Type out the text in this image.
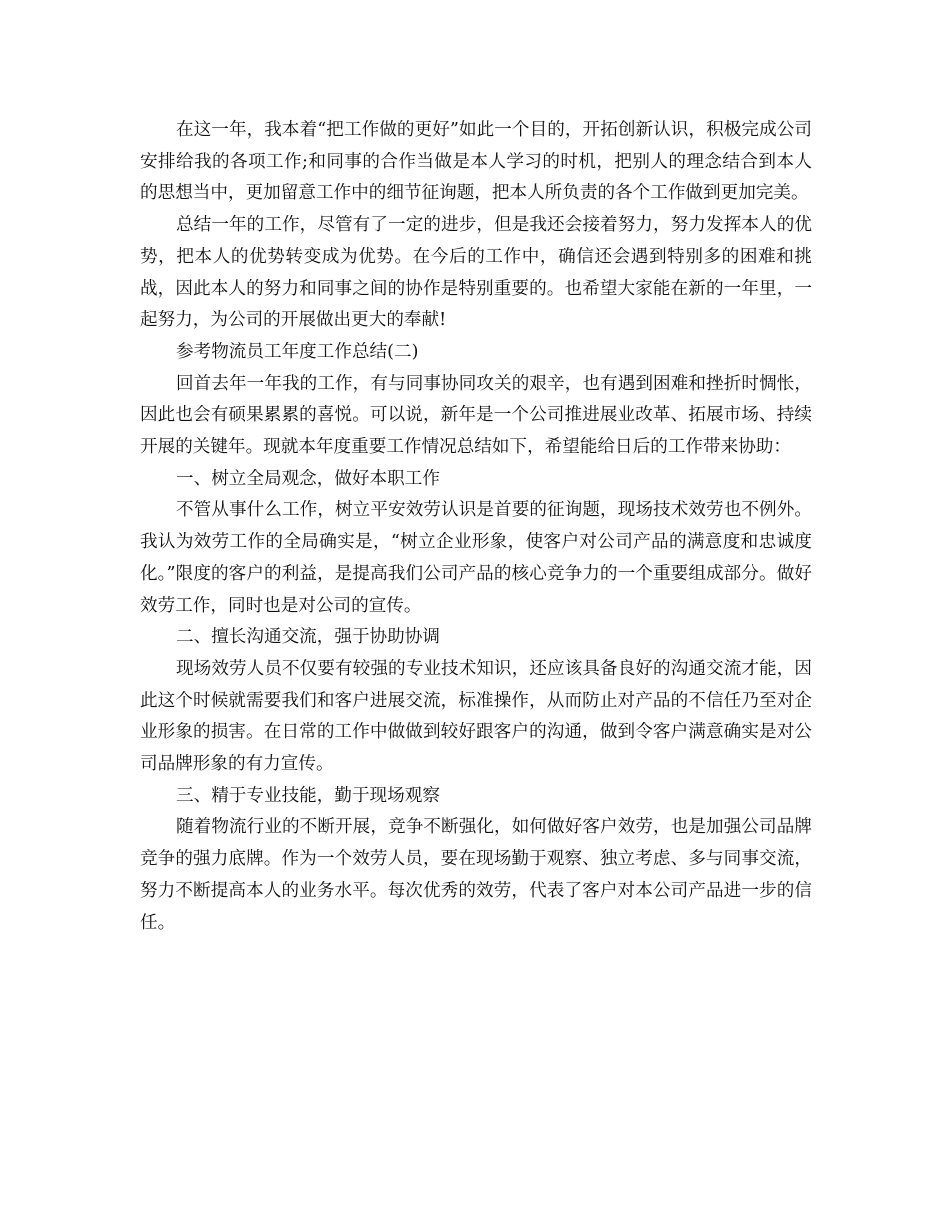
在这一年，我本着“把工作做的更好”如此一个目的，开拓创新认识，积极完成公司安排给我的各项工作;和同事的合作当做是本人学习的时机，把别人的理念结合到本人的思想当中，更加留意工作中的细节征询题，把本人所负责的各个工作做到更加完美。

总结一年的工作，尽管有了一定的进步，但是我还会接着努力，努力发挥本人的优势，把本人的优势转变成为优势。在今后的工作中，确信还会遇到特别多的困难和挑战，因此本人的努力和同事之间的协作是特别重要的。也希望大家能在新的一年里，一起努力，为公司的开展做出更大的奉献!

参考物流员工年度工作总结(二)

回首去年一年我的工作，有与同事协同攻关的艰辛，也有遇到困难和挫折时惆怅，因此也会有硕果累累的喜悦。可以说，新年是一个公司推进展业改革、拓展市场、持续开展的关键年。现就本年度重要工作情况总结如下，希望能给日后的工作带来协助：

一、树立全局观念，做好本职工作

不管从事什么工作，树立平安效劳认识是首要的征询题，现场技术效劳也不例外。我认为效劳工作的全局确实是，“树立企业形象，使客户对公司产品的满意度和忠诚度化。”限度的客户的利益，是提高我们公司产品的核心竞争力的一个重要组成部分。做好效劳工作，同时也是对公司的宣传。

二、擅长沟通交流，强于协助协调

现场效劳人员不仅要有较强的专业技术知识，还应该具备良好的沟通交流才能，因此这个时候就需要我们和客户进展交流，标准操作，从而防止对产品的不信任乃至对企业形象的损害。在日常的工作中做做到较好跟客户的沟通，做到令客户满意确实是对公司品牌形象的有力宣传。

三、精于专业技能，勤于现场观察

随着物流行业的不断开展，竞争不断强化，如何做好客户效劳，也是加强公司品牌竞争的强力底牌。作为一个效劳人员，要在现场勤于观察、独立考虑、多与同事交流，努力不断提高本人的业务水平。每次优秀的效劳，代表了客户对本公司产品进一步的信任。
